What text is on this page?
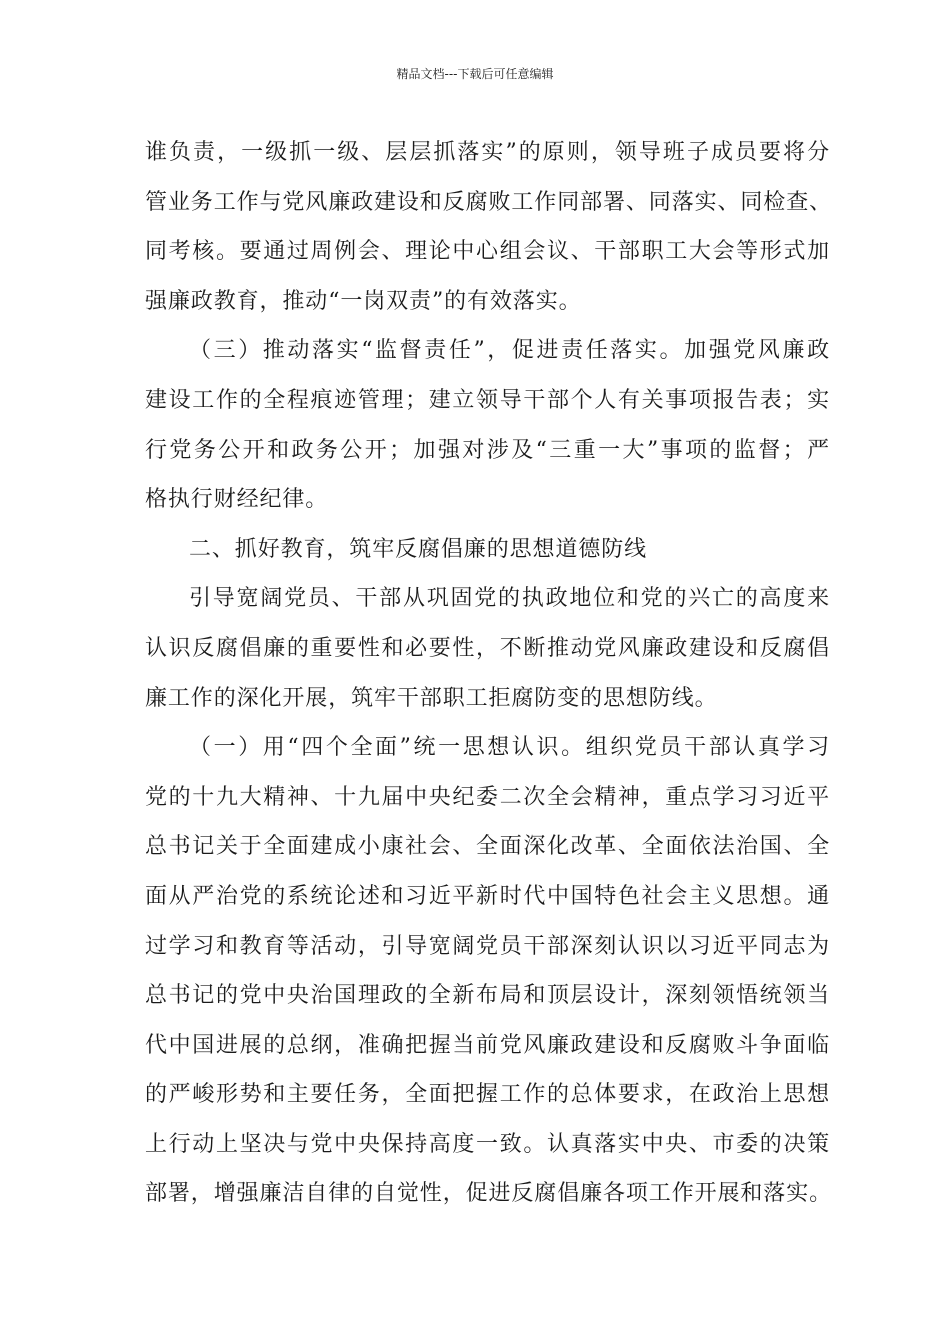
精品文档---下载后可任意编辑
谁负责，一级抓一级、层层抓落实”的原则，领导班子成员要将分
管业务工作与党风廉政建设和反腐败工作同部署、同落实、同检查、
同考核。要通过周例会、理论中心组会议、干部职工大会等形式加
强廉政教育，推动“一岗双责”的有效落实。
（三）推动落实“监督责任”，促进责任落实。加强党风廉政
建设工作的全程痕迹管理；建立领导干部个人有关事项报告表；实
行党务公开和政务公开；加强对涉及“三重一大”事项的监督；严
格执行财经纪律。
二、抓好教育，筑牢反腐倡廉的思想道德防线
引导宽阔党员、干部从巩固党的执政地位和党的兴亡的高度来
认识反腐倡廉的重要性和必要性，不断推动党风廉政建设和反腐倡
廉工作的深化开展，筑牢干部职工拒腐防变的思想防线。
（一）用“四个全面”统一思想认识。组织党员干部认真学习
党的十九大精神、十九届中央纪委二次全会精神，重点学习习近平
总书记关于全面建成小康社会、全面深化改革、全面依法治国、全
面从严治党的系统论述和习近平新时代中国特色社会主义思想。通
过学习和教育等活动，引导宽阔党员干部深刻认识以习近平同志为
总书记的党中央治国理政的全新布局和顶层设计，深刻领悟统领当
代中国进展的总纲，准确把握当前党风廉政建设和反腐败斗争面临
的严峻形势和主要任务，全面把握工作的总体要求，在政治上思想
上行动上坚决与党中央保持高度一致。认真落实中央、市委的决策
部署，增强廉洁自律的自觉性，促进反腐倡廉各项工作开展和落实。
